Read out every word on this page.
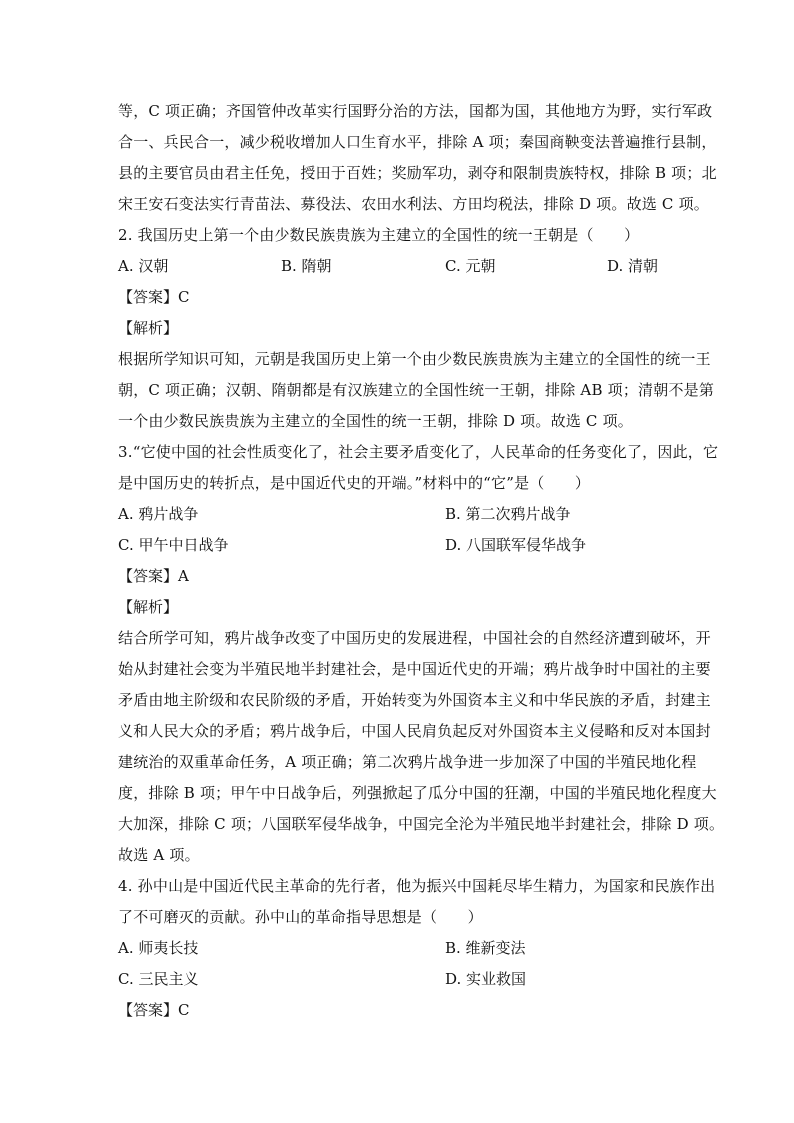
等，C 项正确；齐国管仲改革实行国野分治的方法，国都为国，其他地方为野，实行军政
合一、兵民合一，减少税收增加人口生育水平，排除 A 项；秦国商鞅变法普遍推行县制，
县的主要官员由君主任免，授田于百姓；奖励军功，剥夺和限制贵族特权，排除 B 项；北
宋王安石变法实行青苗法、募役法、农田水利法、方田均税法，排除 D 项。故选 C 项。
2. 我国历史上第一个由少数民族贵族为主建立的全国性的统一王朝是（　　）
A. 汉朝	B. 隋朝	C. 元朝	D. 清朝
【答案】C
【解析】
根据所学知识可知，元朝是我国历史上第一个由少数民族贵族为主建立的全国性的统一王
朝，C 项正确；汉朝、隋朝都是有汉族建立的全国性统一王朝，排除 AB 项；清朝不是第
一个由少数民族贵族为主建立的全国性的统一王朝，排除 D 项。故选 C 项。
3.“它使中国的社会性质变化了，社会主要矛盾变化了，人民革命的任务变化了，因此，它
是中国历史的转折点，是中国近代史的开端。”材料中的“它”是（　　）
A. 鸦片战争	B. 第二次鸦片战争
C. 甲午中日战争	D. 八国联军侵华战争
【答案】A
【解析】
结合所学可知，鸦片战争改变了中国历史的发展进程，中国社会的自然经济遭到破坏，开
始从封建社会变为半殖民地半封建社会，是中国近代史的开端；鸦片战争时中国社的主要
矛盾由地主阶级和农民阶级的矛盾，开始转变为外国资本主义和中华民族的矛盾，封建主
义和人民大众的矛盾；鸦片战争后，中国人民肩负起反对外国资本主义侵略和反对本国封
建统治的双重革命任务，A 项正确；第二次鸦片战争进一步加深了中国的半殖民地化程
度，排除 B 项；甲午中日战争后，列强掀起了瓜分中国的狂潮，中国的半殖民地化程度大
大加深，排除 C 项；八国联军侵华战争，中国完全沦为半殖民地半封建社会，排除 D 项。
故选 A 项。
4. 孙中山是中国近代民主革命的先行者，他为振兴中国耗尽毕生精力，为国家和民族作出
了不可磨灭的贡献。孙中山的革命指导思想是（　　）
A. 师夷长技	B. 维新变法
C. 三民主义	D. 实业救国
【答案】C
